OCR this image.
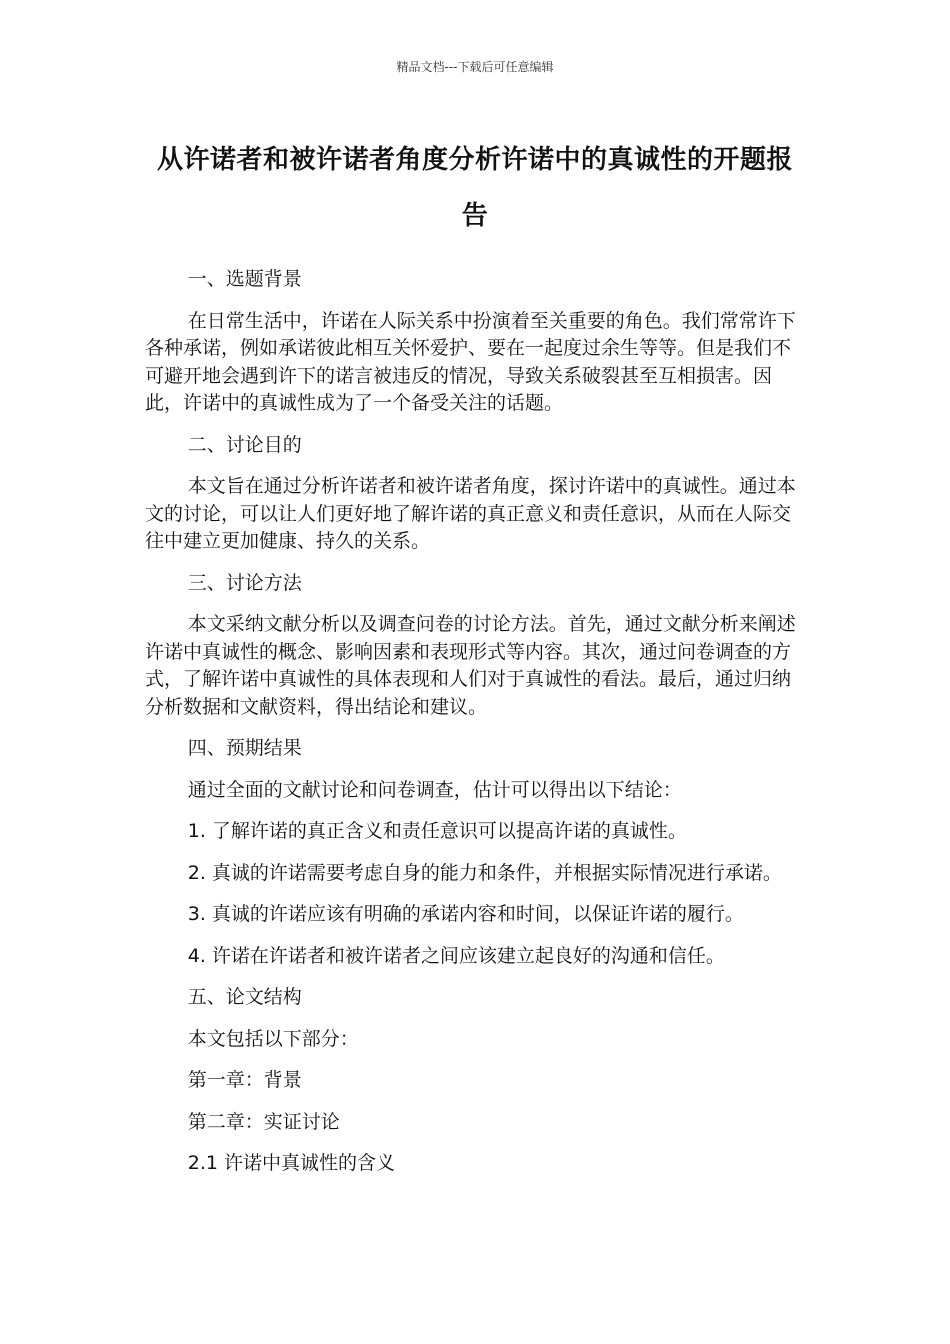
精品文档---下载后可任意编辑
从许诺者和被许诺者角度分析许诺中的真诚性的开题报告

一、选题背景

在日常生活中，许诺在人际关系中扮演着至关重要的角色。我们常常许下各种承诺，例如承诺彼此相互关怀爱护、要在一起度过余生等等。但是我们不可避开地会遇到许下的诺言被违反的情况，导致关系破裂甚至互相损害。因此，许诺中的真诚性成为了一个备受关注的话题。

二、讨论目的

本文旨在通过分析许诺者和被许诺者角度，探讨许诺中的真诚性。通过本文的讨论，可以让人们更好地了解许诺的真正意义和责任意识，从而在人际交往中建立更加健康、持久的关系。

三、讨论方法

本文采纳文献分析以及调查问卷的讨论方法。首先，通过文献分析来阐述许诺中真诚性的概念、影响因素和表现形式等内容。其次，通过问卷调查的方式，了解许诺中真诚性的具体表现和人们对于真诚性的看法。最后，通过归纳分析数据和文献资料，得出结论和建议。

四、预期结果

通过全面的文献讨论和问卷调查，估计可以得出以下结论：

1. 了解许诺的真正含义和责任意识可以提高许诺的真诚性。

2. 真诚的许诺需要考虑自身的能力和条件，并根据实际情况进行承诺。

3. 真诚的许诺应该有明确的承诺内容和时间，以保证许诺的履行。

4. 许诺在许诺者和被许诺者之间应该建立起良好的沟通和信任。

五、论文结构

本文包括以下部分：

第一章：背景

第二章：实证讨论

2.1 许诺中真诚性的含义
